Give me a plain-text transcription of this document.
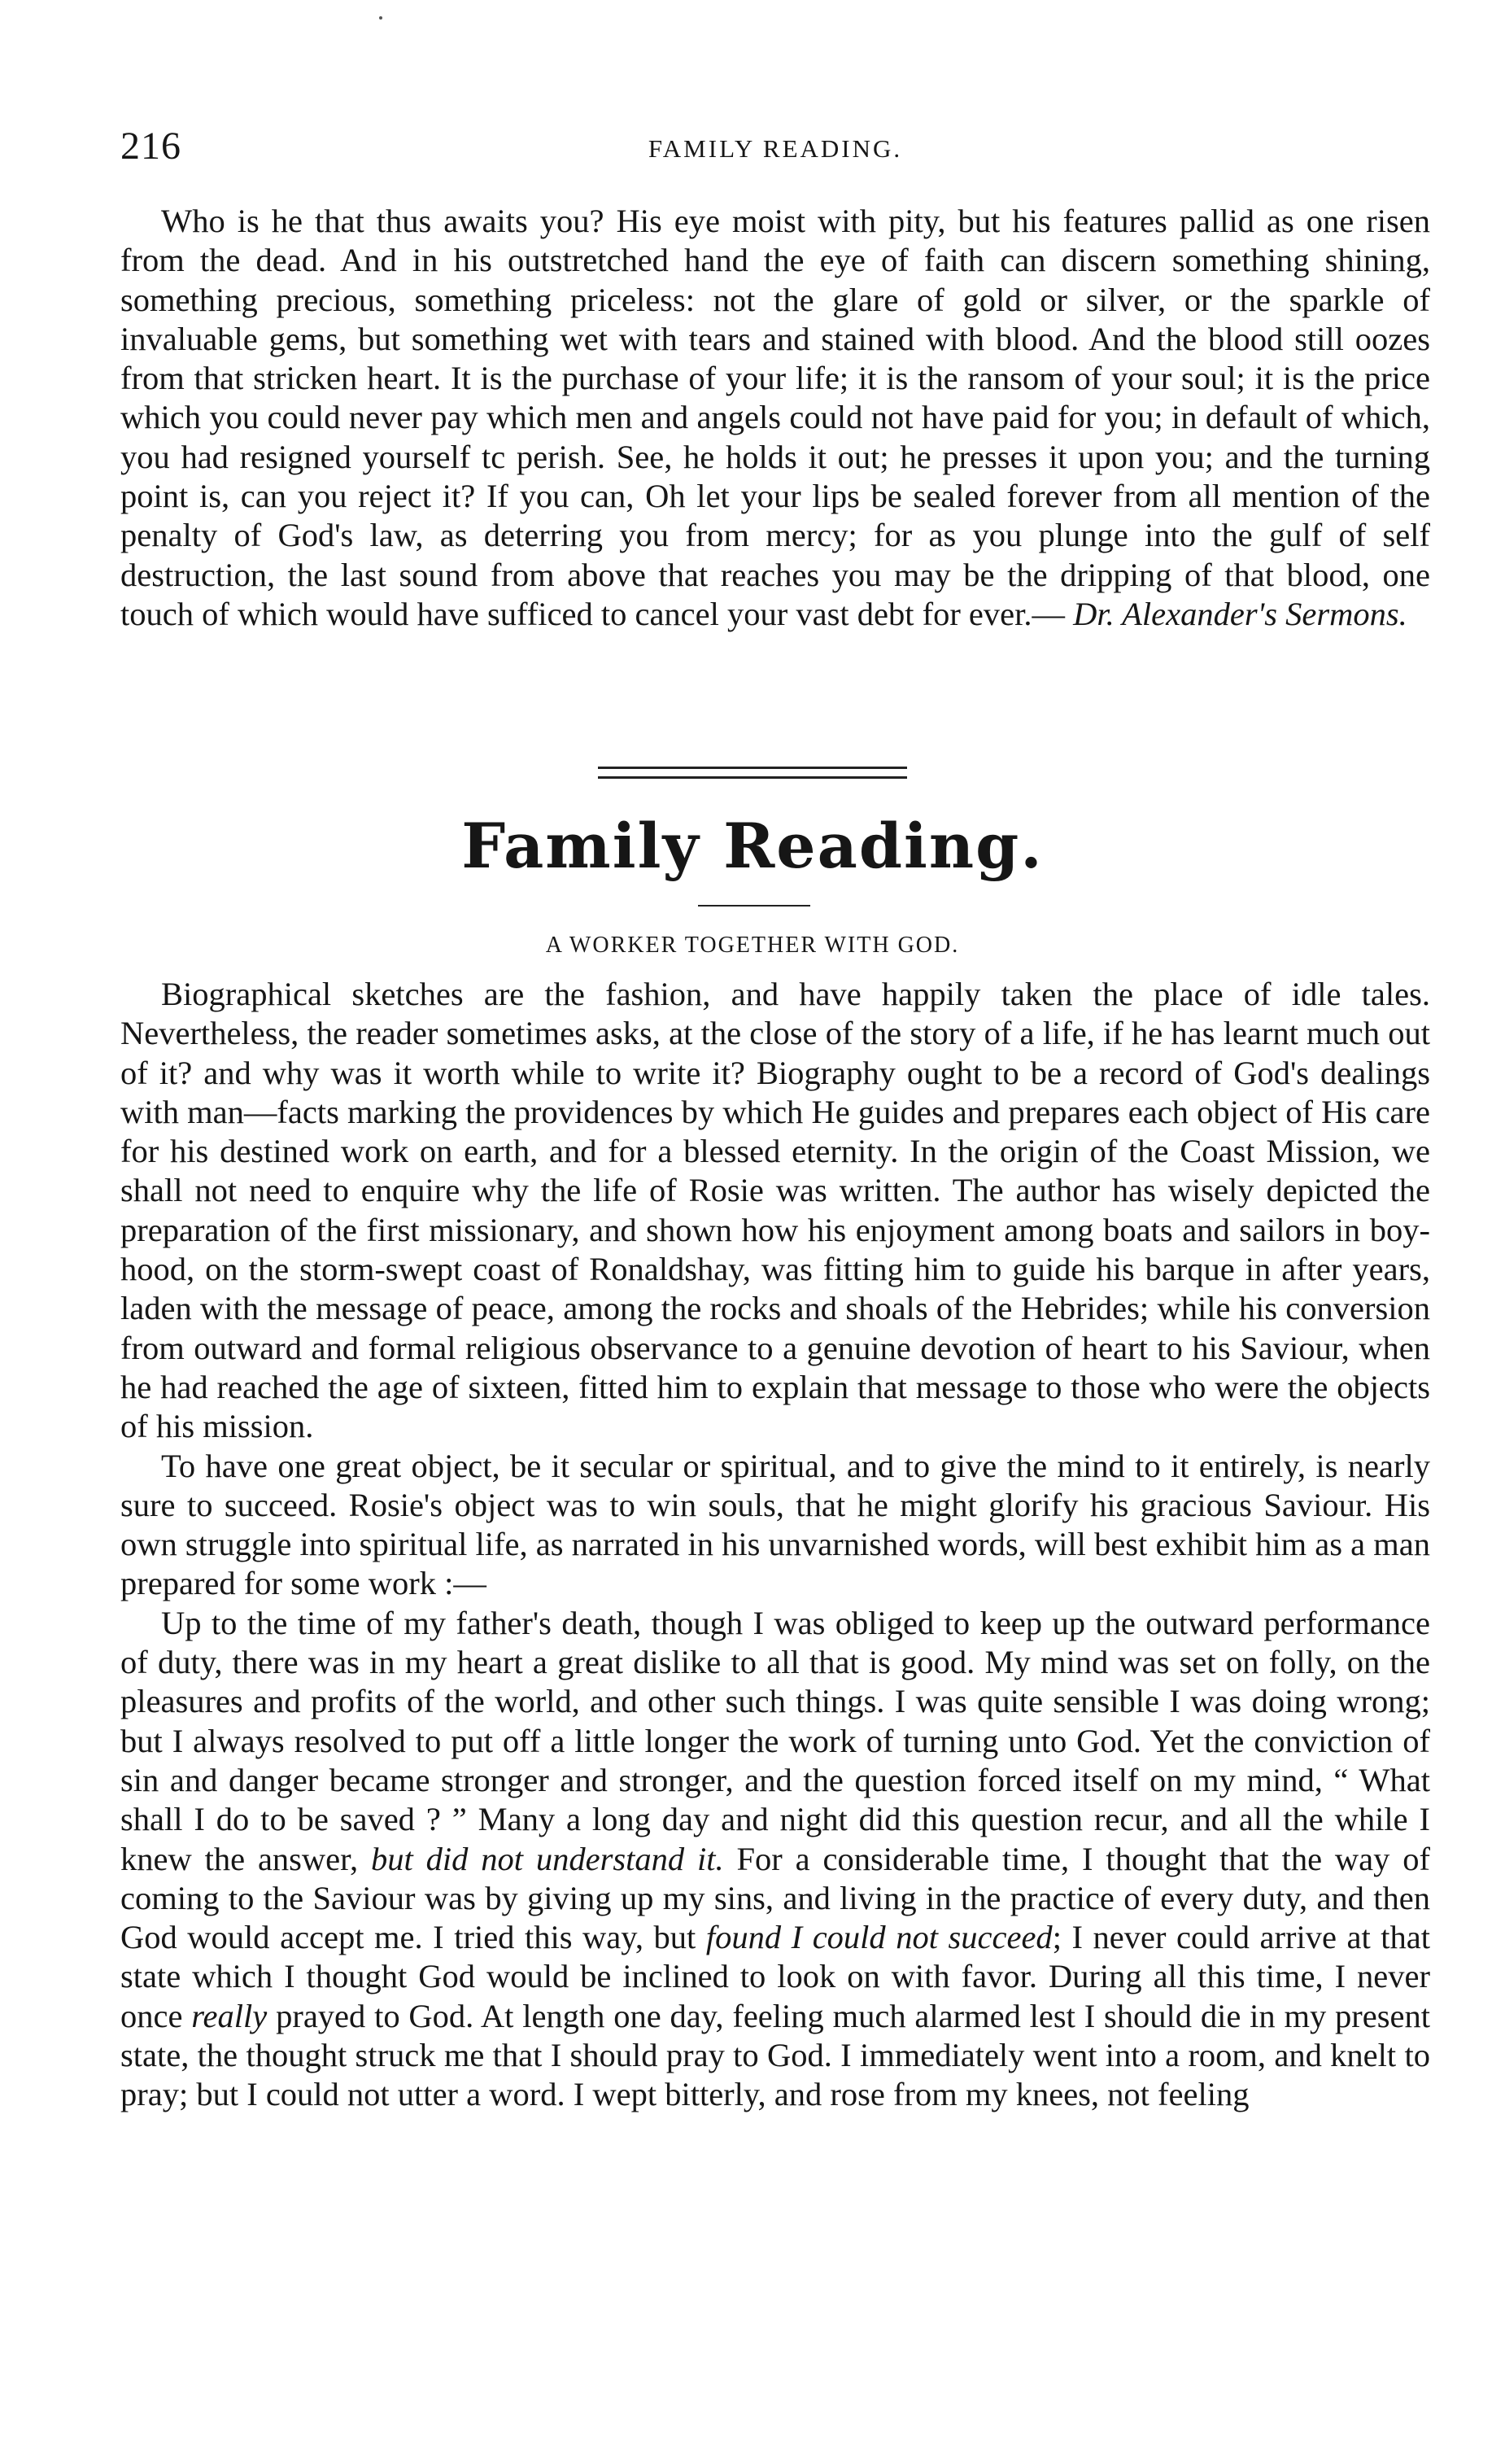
216	FAMILY READING.

Who is he that thus awaits you? His eye moist with pity, but his features pallid as one risen from the dead. And in his outstretched hand the eye of faith can discern something shining, something precious, something priceless: not the glare of gold or silver, or the sparkle of invaluable gems, but something wet with tears and stained with blood. And the blood still oozes from that stricken heart. It is the purchase of your life; it is the ransom of your soul; it is the price which you could never pay which men and angels could not have paid for you; in default of which, you had resigned yourself tc perish. See, he holds it out; he presses it upon you; and the turning point is, can you reject it? If you can, Oh let your lips be sealed forever from all mention of the penalty of God's law, as deterring you from mercy; for as you plunge into the gulf of self destruction, the last sound from above that reaches you may be the dripping of that blood, one touch of which would have sufficed to cancel your vast debt for ever.— Dr. Alexander's Sermons.

Family Reading.
A WORKER TOGETHER WITH GOD.

Biographical sketches are the fashion, and have happily taken the place of idle tales. Nevertheless, the reader sometimes asks, at the close of the story of a life, if he has learnt much out of it? and why was it worth while to write it? Biography ought to be a record of God's dealings with man—facts marking the providences by which He guides and prepares each object of His care for his destined work on earth, and for a blessed eternity. In the origin of the Coast Mission, we shall not need to enquire why the life of Rosie was written. The author has wisely depicted the preparation of the first missionary, and shown how his enjoyment among boats and sailors in boy-hood, on the storm-swept coast of Ronaldshay, was fitting him to guide his barque in after years, laden with the message of peace, among the rocks and shoals of the Hebrides; while his conversion from outward and formal religious observance to a genuine devotion of heart to his Saviour, when he had reached the age of sixteen, fitted him to explain that message to those who were the objects of his mission.

To have one great object, be it secular or spiritual, and to give the mind to it entirely, is nearly sure to succeed. Rosie's object was to win souls, that he might glorify his gracious Saviour. His own struggle into spiritual life, as narrated in his unvarnished words, will best exhibit him as a man prepared for some work :—

Up to the time of my father's death, though I was obliged to keep up the outward performance of duty, there was in my heart a great dislike to all that is good. My mind was set on folly, on the pleasures and profits of the world, and other such things. I was quite sensible I was doing wrong; but I always resolved to put off a little longer the work of turning unto God. Yet the conviction of sin and danger became stronger and stronger, and the question forced itself on my mind, “ What shall I do to be saved ? ” Many a long day and night did this question recur, and all the while I knew the answer, but did not understand it. For a considerable time, I thought that the way of coming to the Saviour was by giving up my sins, and living in the practice of every duty, and then God would accept me. I tried this way, but found I could not succeed; I never could arrive at that state which I thought God would be inclined to look on with favor. During all this time, I never once really prayed to God. At length one day, feeling much alarmed lest I should die in my present state, the thought struck me that I should pray to God. I immediately went into a room, and knelt to pray; but I could not utter a word. I wept bitterly, and rose from my knees, not feeling
